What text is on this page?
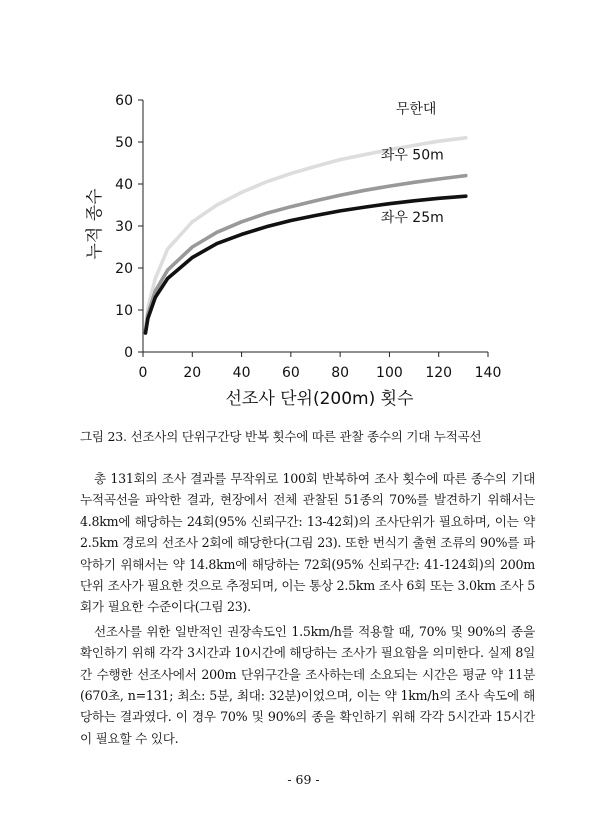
0
10
20
30
40
50
60
0	20 40 60 80 100 120 140
선조사 단위(200m) 횟수
누적 종수
무한대
좌우 50m
좌우 25m
그림 23. 선조사의 단위구간당 반복 횟수에 따른 관찰 종수의 기대 누적곡선

총 131회의 조사 결과를 무작위로 100회 반복하여 조사 횟수에 따른 종수의 기대 누적곡선을 파악한 결과, 현장에서 전체 관찰된 51종의 70%를 발견하기 위해서는 4.8km에 해당하는 24회(95% 신뢰구간: 13-42회)의 조사단위가 필요하며, 이는 약 2.5km 경로의 선조사 2회에 해당한다(그림 23). 또한 번식기 출현 조류의 90%를 파악하기 위해서는 약 14.8km에 해당하는 72회(95% 신뢰구간: 41-124회)의 200m 단위 조사가 필요한 것으로 추정되며, 이는 통상 2.5km 조사 6회 또는 3.0km 조사 5회가 필요한 수준이다(그림 23).

선조사를 위한 일반적인 권장속도인 1.5km/h를 적용할 때, 70% 및 90%의 종을 확인하기 위해 각각 3시간과 10시간에 해당하는 조사가 필요함을 의미한다. 실제 8일간 수행한 선조사에서 200m 단위구간을 조사하는데 소요되는 시간은 평균 약 11분(670초, n=131; 최소: 5분, 최대: 32분)이었으며, 이는 약 1km/h의 조사 속도에 해당하는 결과였다. 이 경우 70% 및 90%의 종을 확인하기 위해 각각 5시간과 15시간이 필요할 수 있다.

- 69 -
